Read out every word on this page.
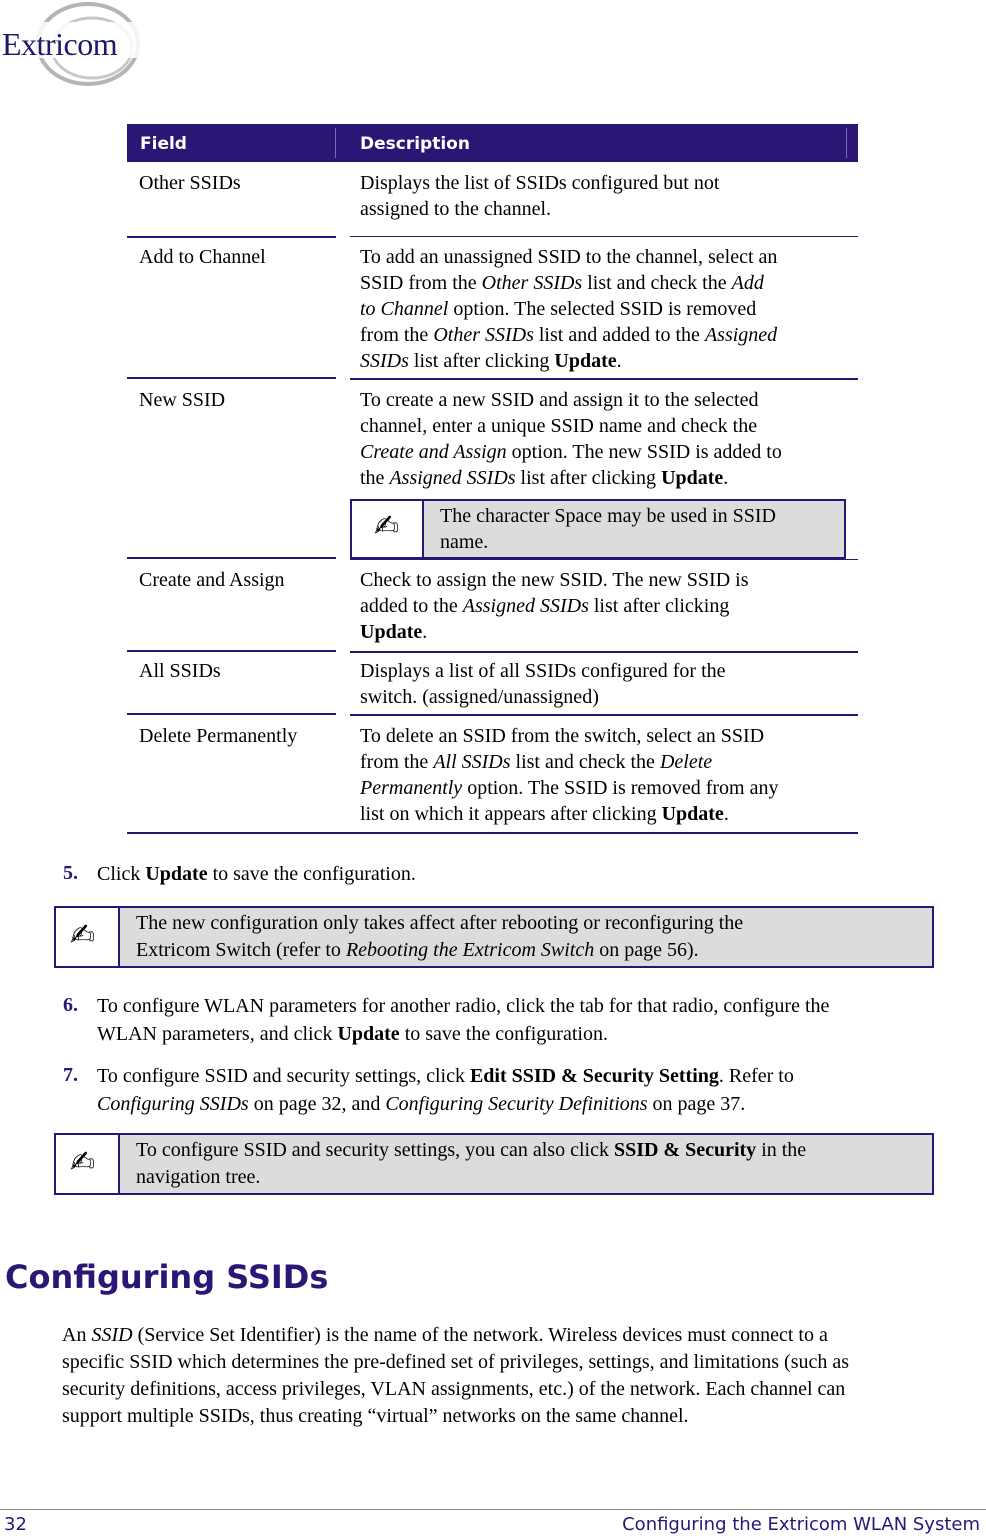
Extricom
Field	Description
Other SSIDs	Displays the list of SSIDs configured but not
assigned to the channel.
Add to Channel	To add an unassigned SSID to the channel, select an
SSID from the Other SSIDs list and check the Add
to Channel option. The selected SSID is removed
from the Other SSIDs list and added to the Assigned
SSIDs list after clicking Update.
New SSID	To create a new SSID and assign it to the selected
channel, enter a unique SSID name and check the
Create and Assign option. The new SSID is added to
the Assigned SSIDs list after clicking Update.
✍ The character Space may be used in SSID
name.
Create and Assign	Check to assign the new SSID. The new SSID is
added to the Assigned SSIDs list after clicking
Update.
All SSIDs	Displays a list of all SSIDs configured for the
switch. (assigned/unassigned)
Delete Permanently	To delete an SSID from the switch, select an SSID
from the All SSIDs list and check the Delete
Permanently option. The SSID is removed from any
list on which it appears after clicking Update.
5. Click Update to save the configuration.
✍ The new configuration only takes affect after rebooting or reconfiguring the
Extricom Switch (refer to Rebooting the Extricom Switch on page 56).
6. To configure WLAN parameters for another radio, click the tab for that radio, configure the
WLAN parameters, and click Update to save the configuration.
7. To configure SSID and security settings, click Edit SSID & Security Setting. Refer to
Configuring SSIDs on page 32, and Configuring Security Definitions on page 37.
✍ To configure SSID and security settings, you can also click SSID & Security in the
navigation tree.
Configuring SSIDs
An SSID (Service Set Identifier) is the name of the network. Wireless devices must connect to a
specific SSID which determines the pre-defined set of privileges, settings, and limitations (such as
security definitions, access privileges, VLAN assignments, etc.) of the network. Each channel can
support multiple SSIDs, thus creating “virtual” networks on the same channel.
32	Configuring the Extricom WLAN System
